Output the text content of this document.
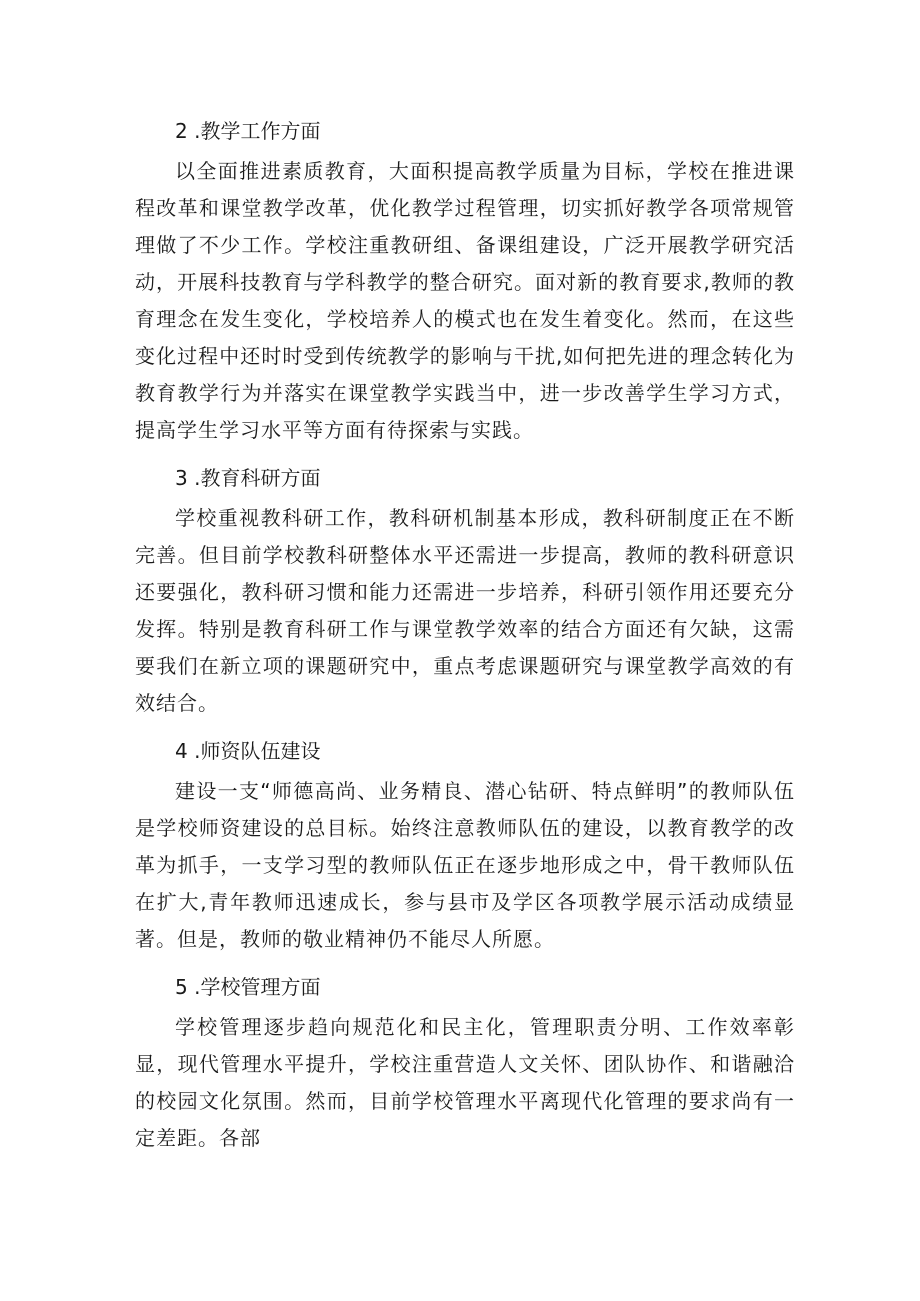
2 .教学工作方面

以全面推进素质教育，大面积提高教学质量为目标，学校在推进课程改革和课堂教学改革，优化教学过程管理，切实抓好教学各项常规管理做了不少工作。学校注重教研组、备课组建设，广泛开展教学研究活动，开展科技教育与学科教学的整合研究。面对新的教育要求,教师的教育理念在发生变化，学校培养人的模式也在发生着变化。然而，在这些变化过程中还时时受到传统教学的影响与干扰,如何把先进的理念转化为教育教学行为并落实在课堂教学实践当中，进一步改善学生学习方式，提高学生学习水平等方面有待探索与实践。

3 .教育科研方面

学校重视教科研工作，教科研机制基本形成，教科研制度正在不断完善。但目前学校教科研整体水平还需进一步提高，教师的教科研意识还要强化，教科研习惯和能力还需进一步培养，科研引领作用还要充分发挥。特别是教育科研工作与课堂教学效率的结合方面还有欠缺，这需要我们在新立项的课题研究中，重点考虑课题研究与课堂教学高效的有效结合。

4 .师资队伍建设

建设一支“师德高尚、业务精良、潜心钻研、特点鲜明”的教师队伍是学校师资建设的总目标。始终注意教师队伍的建设，以教育教学的改革为抓手，一支学习型的教师队伍正在逐步地形成之中，骨干教师队伍在扩大,青年教师迅速成长，参与县市及学区各项教学展示活动成绩显著。但是，教师的敬业精神仍不能尽人所愿。

5 .学校管理方面

学校管理逐步趋向规范化和民主化，管理职责分明、工作效率彰显，现代管理水平提升，学校注重营造人文关怀、团队协作、和谐融洽的校园文化氛围。然而，目前学校管理水平离现代化管理的要求尚有一定差距。各部
